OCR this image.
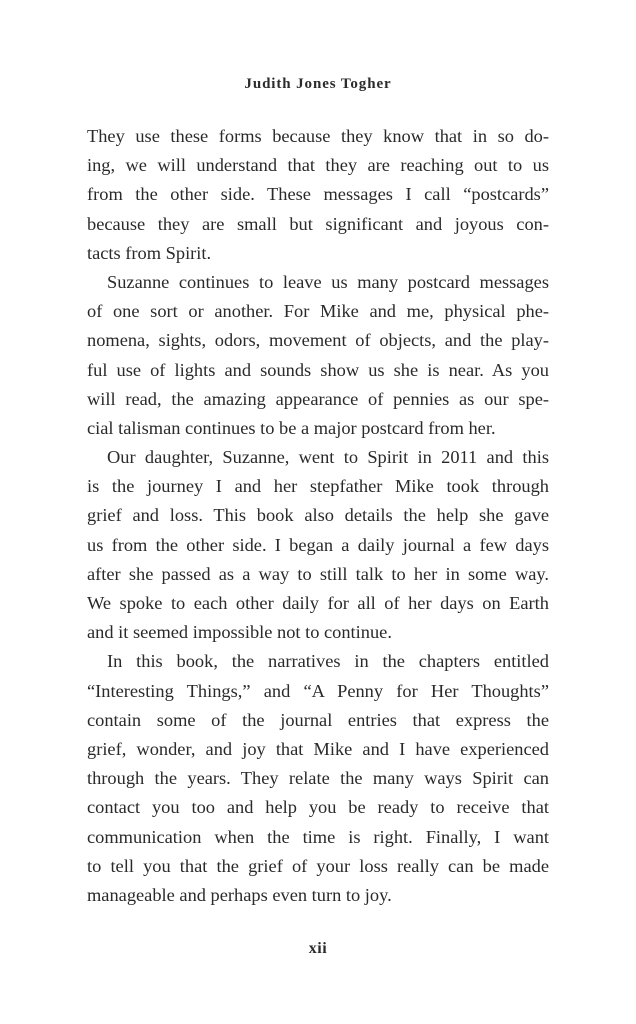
Judith Jones Togher
They use these forms because they know that in so do-
ing, we will understand that they are reaching out to us
from the other side. These messages I call “postcards”
because they are small but significant and joyous con-
tacts from Spirit.
Suzanne continues to leave us many postcard messages
of one sort or another. For Mike and me, physical phe-
nomena, sights, odors, movement of objects, and the play-
ful use of lights and sounds show us she is near. As you
will read, the amazing appearance of pennies as our spe-
cial talisman continues to be a major postcard from her.
Our daughter, Suzanne, went to Spirit in 2011 and this
is the journey I and her stepfather Mike took through
grief and loss. This book also details the help she gave
us from the other side. I began a daily journal a few days
after she passed as a way to still talk to her in some way.
We spoke to each other daily for all of her days on Earth
and it seemed impossible not to continue.
In this book, the narratives in the chapters entitled
“Interesting Things,” and “A Penny for Her Thoughts”
contain some of the journal entries that express the
grief, wonder, and joy that Mike and I have experienced
through the years. They relate the many ways Spirit can
contact you too and help you be ready to receive that
communication when the time is right. Finally, I want
to tell you that the grief of your loss really can be made
manageable and perhaps even turn to joy.
xii
